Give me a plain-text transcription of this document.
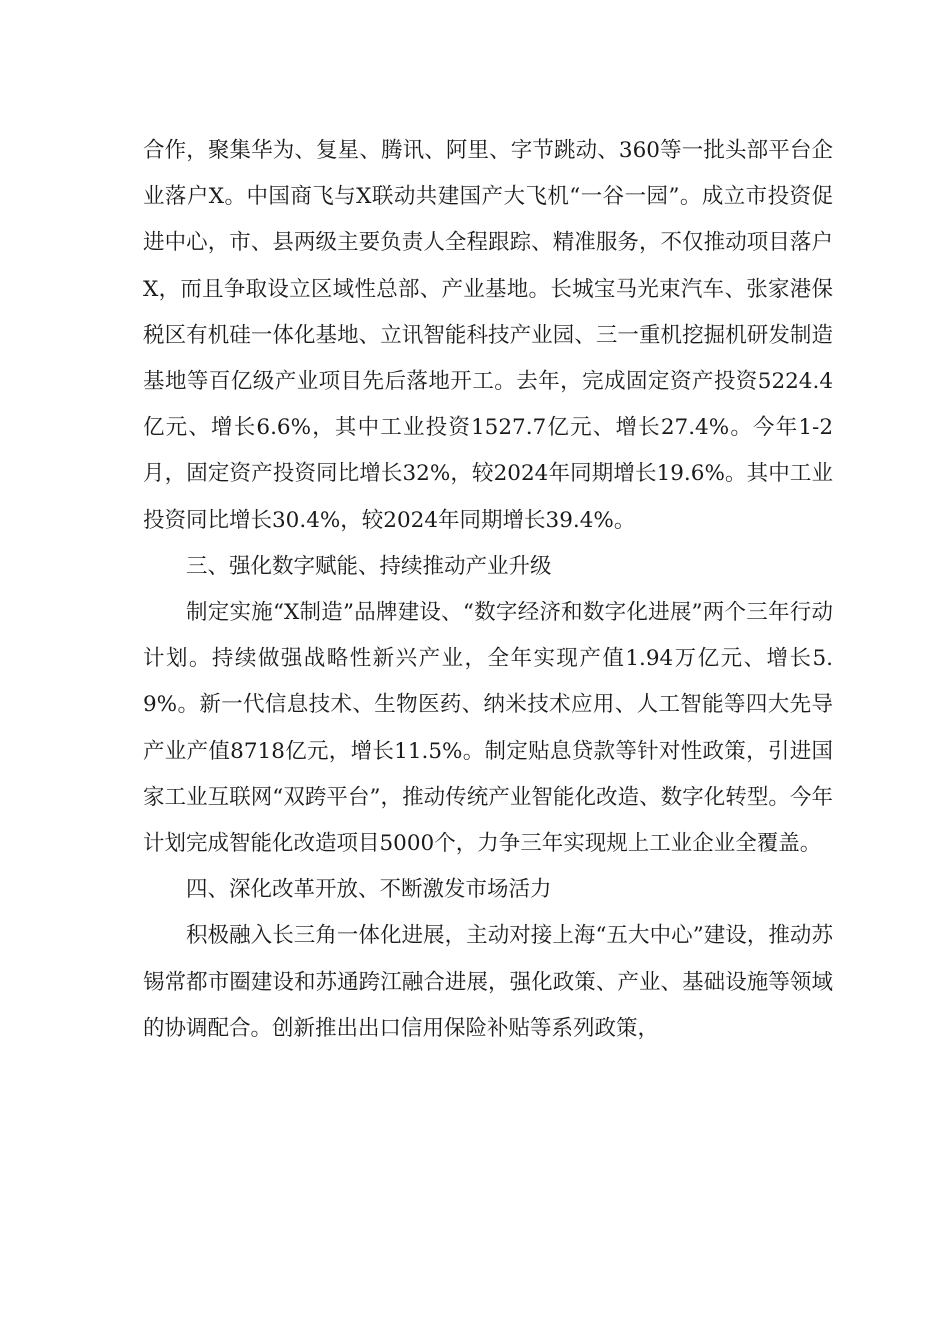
合作，聚集华为、复星、腾讯、阿里、字节跳动、360等一批头部平台企业落户X。中国商飞与X联动共建国产大飞机“一谷一园”。成立市投资促进中心，市、县两级主要负责人全程跟踪、精准服务，不仅推动项目落户X，而且争取设立区域性总部、产业基地。长城宝马光束汽车、张家港保税区有机硅一体化基地、立讯智能科技产业园、三一重机挖掘机研发制造基地等百亿级产业项目先后落地开工。去年，完成固定资产投资5224.4亿元、增长6.6%，其中工业投资1527.7亿元、增长27.4%。今年1-2月，固定资产投资同比增长32%，较2024年同期增长19.6%。其中工业投资同比增长30.4%，较2024年同期增长39.4%。

三、强化数字赋能、持续推动产业升级

制定实施“X制造”品牌建设、“数字经济和数字化进展”两个三年行动计划。持续做强战略性新兴产业，全年实现产值1.94万亿元、增长5.9%。新一代信息技术、生物医药、纳米技术应用、人工智能等四大先导产业产值8718亿元，增长11.5%。制定贴息贷款等针对性政策，引进国家工业互联网“双跨平台”，推动传统产业智能化改造、数字化转型。今年计划完成智能化改造项目5000个，力争三年实现规上工业企业全覆盖。

四、深化改革开放、不断激发市场活力

积极融入长三角一体化进展，主动对接上海“五大中心”建设，推动苏锡常都市圈建设和苏通跨江融合进展，强化政策、产业、基础设施等领域的协调配合。创新推出出口信用保险补贴等系列政策，
